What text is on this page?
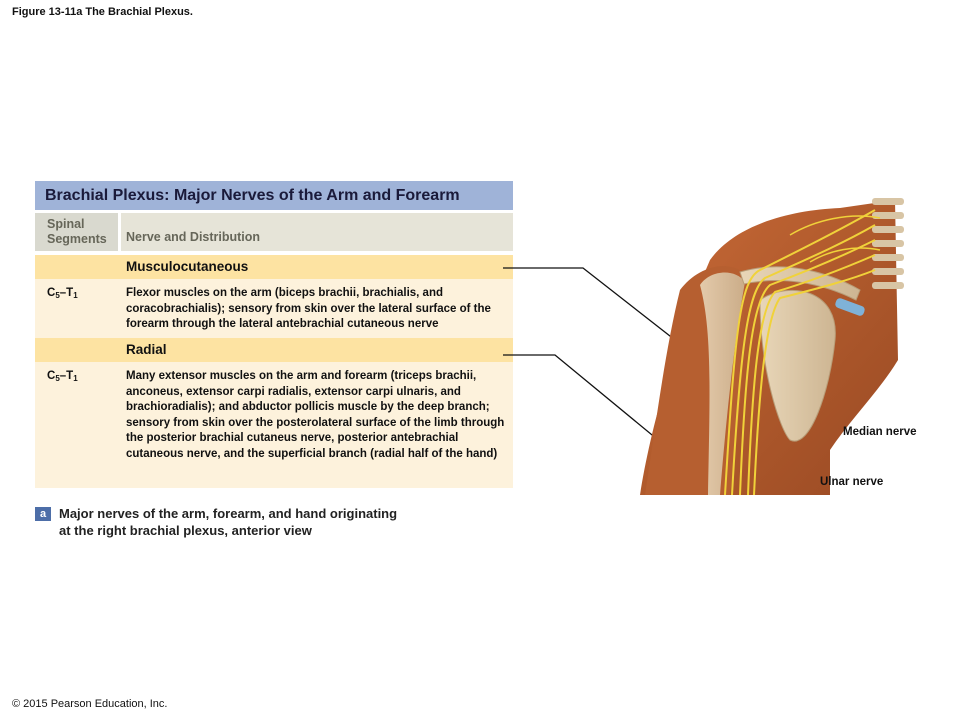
Figure 13-11a The Brachial Plexus.
Brachial Plexus: Major Nerves of the Arm and Forearm
Spinal
Segments	Nerve and Distribution
Musculocutaneous
$C_5-T_1$	Flexor muscles on the arm (biceps brachii, brachialis, and coracobrachialis); sensory from skin over the lateral surface of the forearm through the lateral antebrachial cutaneous nerve
Radial
$C_5-T_1$	Many extensor muscles on the arm and forearm (triceps brachii, anconeus, extensor carpi radialis, extensor carpi ulnaris, and brachioradialis); and abductor pollicis muscle by the deep branch; sensory from skin over the posterolateral surface of the limb through the posterior brachial cutaneus nerve, posterior antebrachial cutaneous nerve, and the superficial branch (radial half of the hand)
a Major nerves of the arm, forearm, and hand originating
at the right brachial plexus, anterior view
Median nerve
Ulnar nerve
© 2015 Pearson Education, Inc.
